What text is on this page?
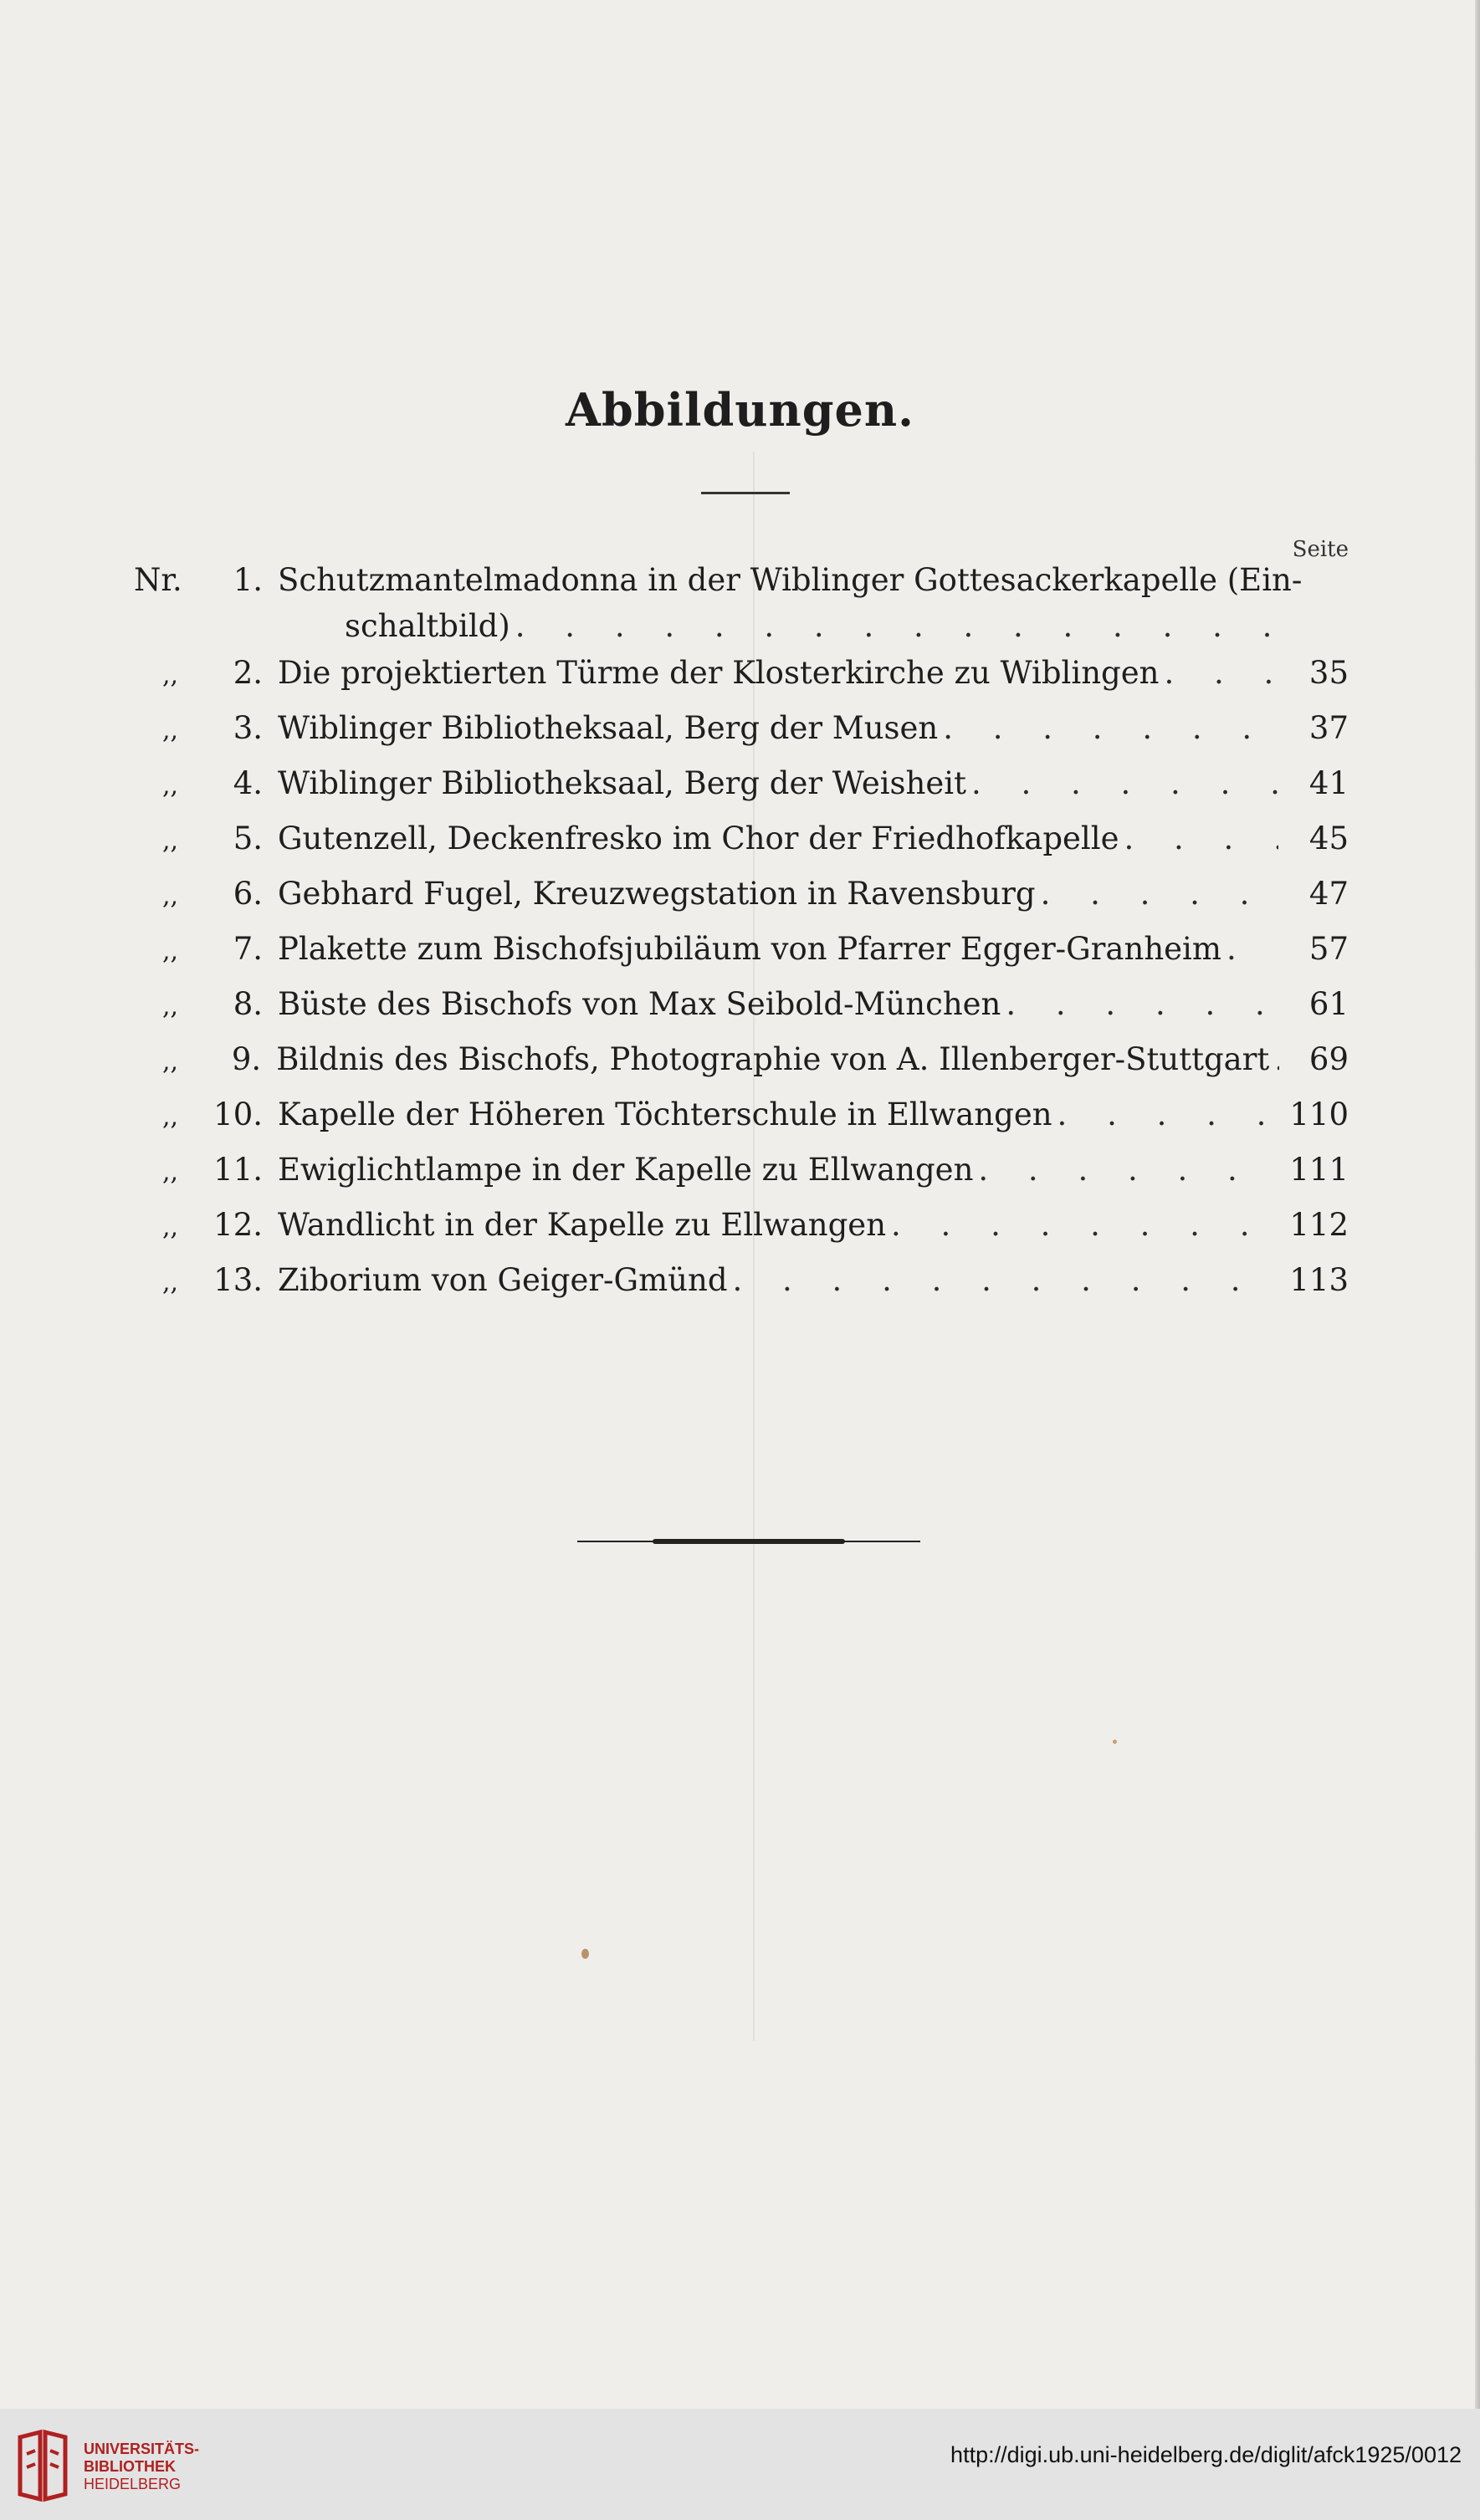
Abbildungen.
Seite
Nr.	1. Schutzmantelmadonna in der Wiblinger Gottesackerkapelle (Ein-
schaltbild)
. . .
,,	2. Die projektierten Türme der Klosterkirche zu Wiblingen . . .	35
,,	3. Wiblinger Bibliotheksaal, Berg der Musen . . .	37
,,	4. Wiblinger Bibliotheksaal, Berg der Weisheit . . .	41
,,	5. Gutenzell, Deckenfresko im Chor der Friedhofkapelle . . .	45
,,	6. Gebhard Fugel, Kreuzwegstation in Ravensburg . . .	47
,,	7. Plakette zum Bischofsjubiläum von Pfarrer Egger-Granheim . . .	57
,,	8. Büste des Bischofs von Max Seibold-München . . .	61
,,	9. Bildnis des Bischofs, Photographie von A. Illenberger-Stuttgart . . .	69
,,	10. Kapelle der Höheren Töchterschule in Ellwangen . . .	110
,,	11. Ewiglichtlampe in der Kapelle zu Ellwangen . . .	111
,,	12. Wandlicht in der Kapelle zu Ellwangen . . .	112
,,	13. Ziborium von Geiger-Gmünd . . .	113
UNIVERSITÄTS-
BIBLIOTHEK
HEIDELBERG
http://digi.ub.uni-heidelberg.de/diglit/afck1925/0012
